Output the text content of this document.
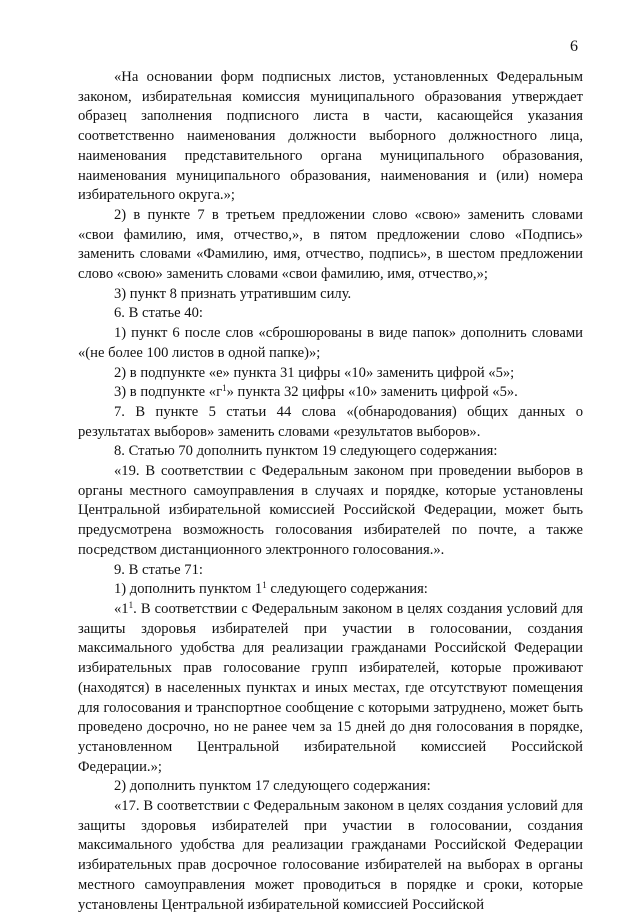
6

«На основании форм подписных листов, установленных Федеральным законом, избирательная комиссия муниципального образования утверждает образец заполнения подписного листа в части, касающейся указания соответственно наименования должности выборного должностного лица, наименования представительного органа муниципального образования, наименования муниципального образования, наименования и (или) номера избирательного округа.»;

2) в пункте 7 в третьем предложении слово «свою» заменить словами «свои фамилию, имя, отчество,», в пятом предложении слово «Подпись» заменить словами «Фамилию, имя, отчество, подпись», в шестом предложении слово «свою» заменить словами «свои фамилию, имя, отчество,»;

3) пункт 8 признать утратившим силу.

6. В статье 40:

1) пункт 6 после слов «сброшюрованы в виде папок» дополнить словами «(не более 100 листов в одной папке)»;

2) в подпункте «е» пункта 31 цифры «10» заменить цифрой «5»;

3) в подпункте «$г^1$» пункта 32 цифры «10» заменить цифрой «5».

7. В пункте 5 статьи 44 слова «(обнародования) общих данных о результатах выборов» заменить словами «результатов выборов».

8. Статью 70 дополнить пунктом 19 следующего содержания:

«19. В соответствии с Федеральным законом при проведении выборов в органы местного самоуправления в случаях и порядке, которые установлены Центральной избирательной комиссией Российской Федерации, может быть предусмотрена возможность голосования избирателей по почте, а также посредством дистанционного электронного голосования.».

9. В статье 71:

1) дополнить пунктом $1^1$ следующего содержания:

«$1^1$. В соответствии с Федеральным законом в целях создания условий для защиты здоровья избирателей при участии в голосовании, создания максимального удобства для реализации гражданами Российской Федерации избирательных прав голосование групп избирателей, которые проживают (находятся) в населенных пунктах и иных местах, где отсутствуют помещения для голосования и транспортное сообщение с которыми затруднено, может быть проведено досрочно, но не ранее чем за 15 дней до дня голосования в порядке, установленном Центральной избирательной комиссией Российской Федерации.»;

2) дополнить пунктом 17 следующего содержания:

«17. В соответствии с Федеральным законом в целях создания условий для защиты здоровья избирателей при участии в голосовании, создания максимального удобства для реализации гражданами Российской Федерации избирательных прав досрочное голосование избирателей на выборах в органы местного самоуправления может проводиться в порядке и сроки, которые установлены Центральной избирательной комиссией Российской
